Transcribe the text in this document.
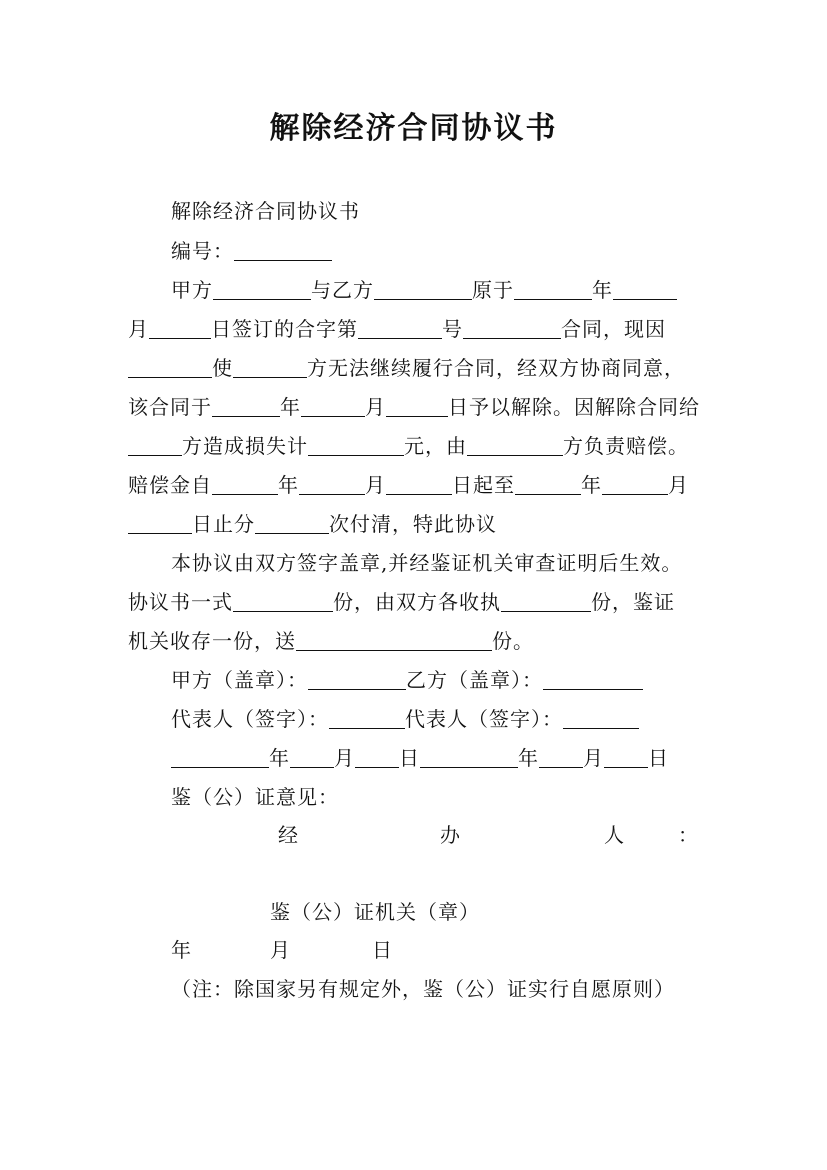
解除经济合同协议书
解除经济合同协议书
编号：
甲方	与乙方	原于	年
月	日签订的合字第	号	合同，现因
使	方无法继续履行合同，经双方协商同意，
该合同于	年	月	日予以解除。因解除合同给
方造成损失计	元，由	方负责赔偿。
赔偿金自	年	月	日起至	年	月
日止分	次付清，特此协议
本协议由双方签字盖章,并经鉴证机关审查证明后生效。
协议书一式	份，由双方各收执	份，鉴证
机关收存一份，送	份。
甲方（盖章）：	乙方（盖章）：
代表人（签字）：	代表人（签字）：
年 月 日	年 月 日
鉴（公）证意见：
经	办	人	：
鉴（公）证机关（章）
年	月	日
（注：除国家另有规定外，鉴（公）证实行自愿原则）
